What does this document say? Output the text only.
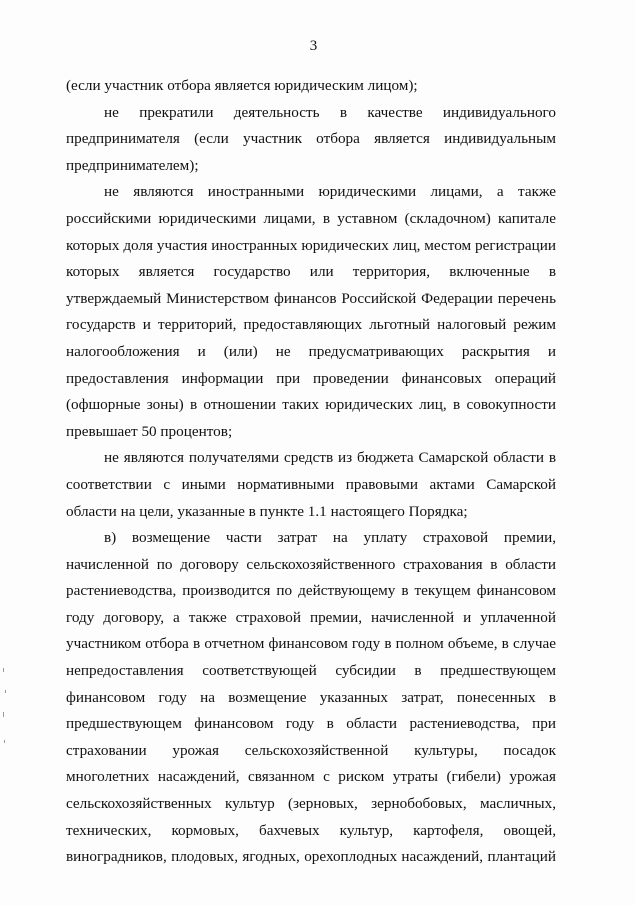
3
(если участник отбора является юридическим лицом);
не прекратили деятельность в качестве индивидуального
предпринимателя (если участник отбора является индивидуальным
предпринимателем);
не являются иностранными юридическими лицами, а также
российскими юридическими лицами, в уставном (складочном) капитале
которых доля участия иностранных юридических лиц, местом регистрации
которых является государство или территория, включенные в
утверждаемый Министерством финансов Российской Федерации перечень
государств и территорий, предоставляющих льготный налоговый режим
налогообложения и (или) не предусматривающих раскрытия и
предоставления информации при проведении финансовых операций
(офшорные зоны) в отношении таких юридических лиц, в совокупности
превышает 50 процентов;
не являются получателями средств из бюджета Самарской области в
соответствии с иными нормативными правовыми актами Самарской
области на цели, указанные в пункте 1.1 настоящего Порядка;
в) возмещение части затрат на уплату страховой премии,
начисленной по договору сельскохозяйственного страхования в области
растениеводства, производится по действующему в текущем финансовом
году договору, а также страховой премии, начисленной и уплаченной
участником отбора в отчетном финансовом году в полном объеме, в случае
непредоставления соответствующей субсидии в предшествующем
финансовом году на возмещение указанных затрат, понесенных в
предшествующем финансовом году в области растениеводства, при
страховании урожая сельскохозяйственной культуры, посадок
многолетних насаждений, связанном с риском утраты (гибели) урожая
сельскохозяйственных культур (зерновых, зернобобовых, масличных,
технических, кормовых, бахчевых культур, картофеля, овощей,
виноградников, плодовых, ягодных, орехоплодных насаждений, плантаций
